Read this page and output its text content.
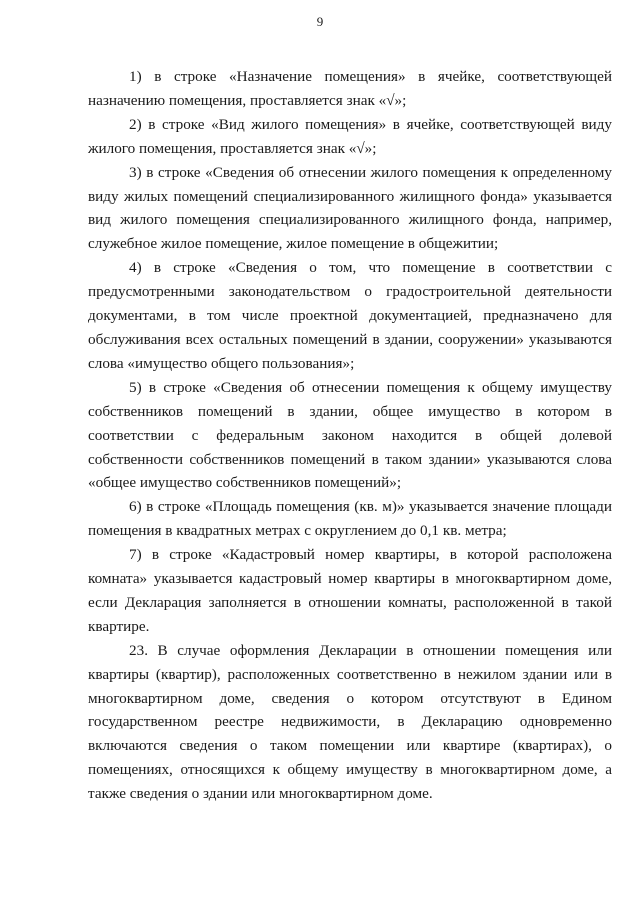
9

1) в строке «Назначение помещения» в ячейке, соответствующей назначению помещения, проставляется знак «√»;

2) в строке «Вид жилого помещения» в ячейке, соответствующей виду жилого помещения, проставляется знак «√»;

3) в строке «Сведения об отнесении жилого помещения к определенному виду жилых помещений специализированного жилищного фонда» указывается вид жилого помещения специализированного жилищного фонда, например, служебное жилое помещение, жилое помещение в общежитии;

4) в строке «Сведения о том, что помещение в соответствии с предусмотренными законодательством о градостроительной деятельности документами, в том числе проектной документацией, предназначено для обслуживания всех остальных помещений в здании, сооружении» указываются слова «имущество общего пользования»;

5) в строке «Сведения об отнесении помещения к общему имуществу собственников помещений в здании, общее имущество в котором в соответствии с федеральным законом находится в общей долевой собственности собственников помещений в таком здании» указываются слова «общее имущество собственников помещений»;

6) в строке «Площадь помещения (кв. м)» указывается значение площади помещения в квадратных метрах с округлением до 0,1 кв. метра;

7) в строке «Кадастровый номер квартиры, в которой расположена комната» указывается кадастровый номер квартиры в многоквартирном доме, если Декларация заполняется в отношении комнаты, расположенной в такой квартире.

23. В случае оформления Декларации в отношении помещения или квартиры (квартир), расположенных соответственно в нежилом здании или в многоквартирном доме, сведения о котором отсутствуют в Едином государственном реестре недвижимости, в Декларацию одновременно включаются сведения о таком помещении или квартире (квартирах), о помещениях, относящихся к общему имуществу в многоквартирном доме, а также сведения о здании или многоквартирном доме.
